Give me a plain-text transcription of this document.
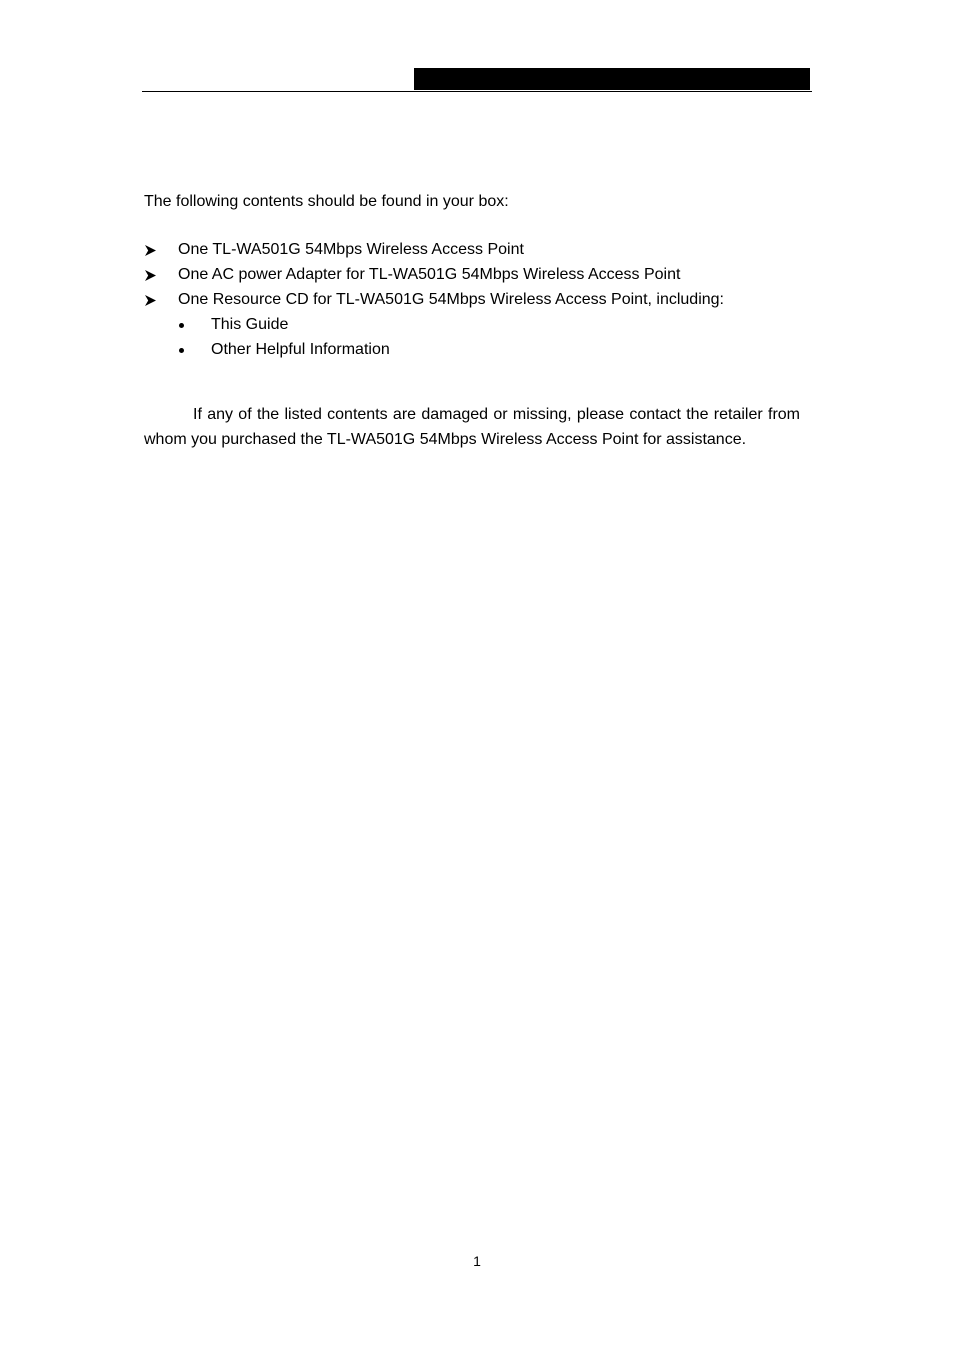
The following contents should be found in your box:
One TL-WA501G 54Mbps Wireless Access Point
One AC power Adapter for TL-WA501G 54Mbps Wireless Access Point
One Resource CD for TL-WA501G 54Mbps Wireless Access Point, including:
This Guide
Other Helpful Information

If any of the listed contents are damaged or missing, please contact the retailer from whom you purchased the TL-WA501G 54Mbps Wireless Access Point for assistance.

1
